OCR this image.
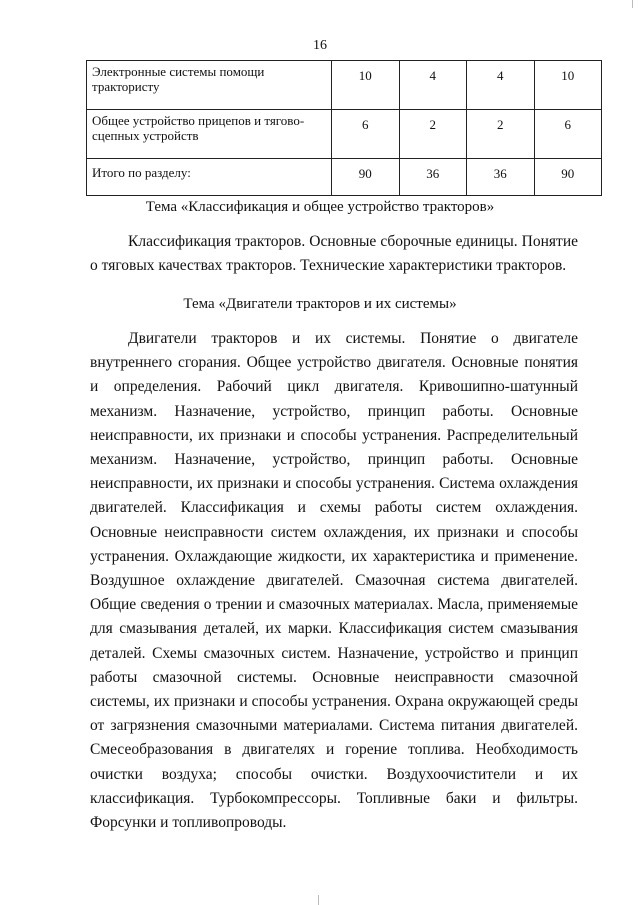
16
Электронные системы помощи трактористу	10	4	4	10
Общее устройство прицепов и тягово-сцепных устройств	6	2	2	6
Итого по разделу:	90	36	36	90
Тема «Классификация и общее устройство тракторов»

Классификация тракторов. Основные сборочные единицы. Понятие о тяговых качествах тракторов. Технические характеристики тракторов.

Тема «Двигатели тракторов и их системы»

Двигатели тракторов и их системы. Понятие о двигателе внутреннего сгорания. Общее устройство двигателя. Основные понятия и определения. Рабочий цикл двигателя. Кривошипно-шатунный механизм. Назначение, устройство, принцип работы. Основные неисправности, их признаки и способы устранения. Распределительный механизм. Назначение, устройство, принцип работы. Основные неисправности, их признаки и способы устранения. Система охлаждения двигателей. Классификация и схемы работы систем охлаждения. Основные неисправности систем охлаждения, их признаки и способы устранения. Охлаждающие жидкости, их характеристика и применение. Воздушное охлаждение двигателей. Смазочная система двигателей. Общие сведения о трении и смазочных материалах. Масла, применяемые для смазывания деталей, их марки. Классификация систем смазывания деталей. Схемы смазочных систем. Назначение, устройство и принцип работы смазочной системы. Основные неисправности смазочной системы, их признаки и способы устранения. Охрана окружающей среды от загрязнения смазочными материалами. Система питания двигателей. Смесеобразования в двигателях и горение топлива. Необходимость очистки воздуха; способы очистки. Воздухоочистители и их классификация. Турбокомпрессоры. Топливные баки и фильтры. Форсунки и топливопроводы.
